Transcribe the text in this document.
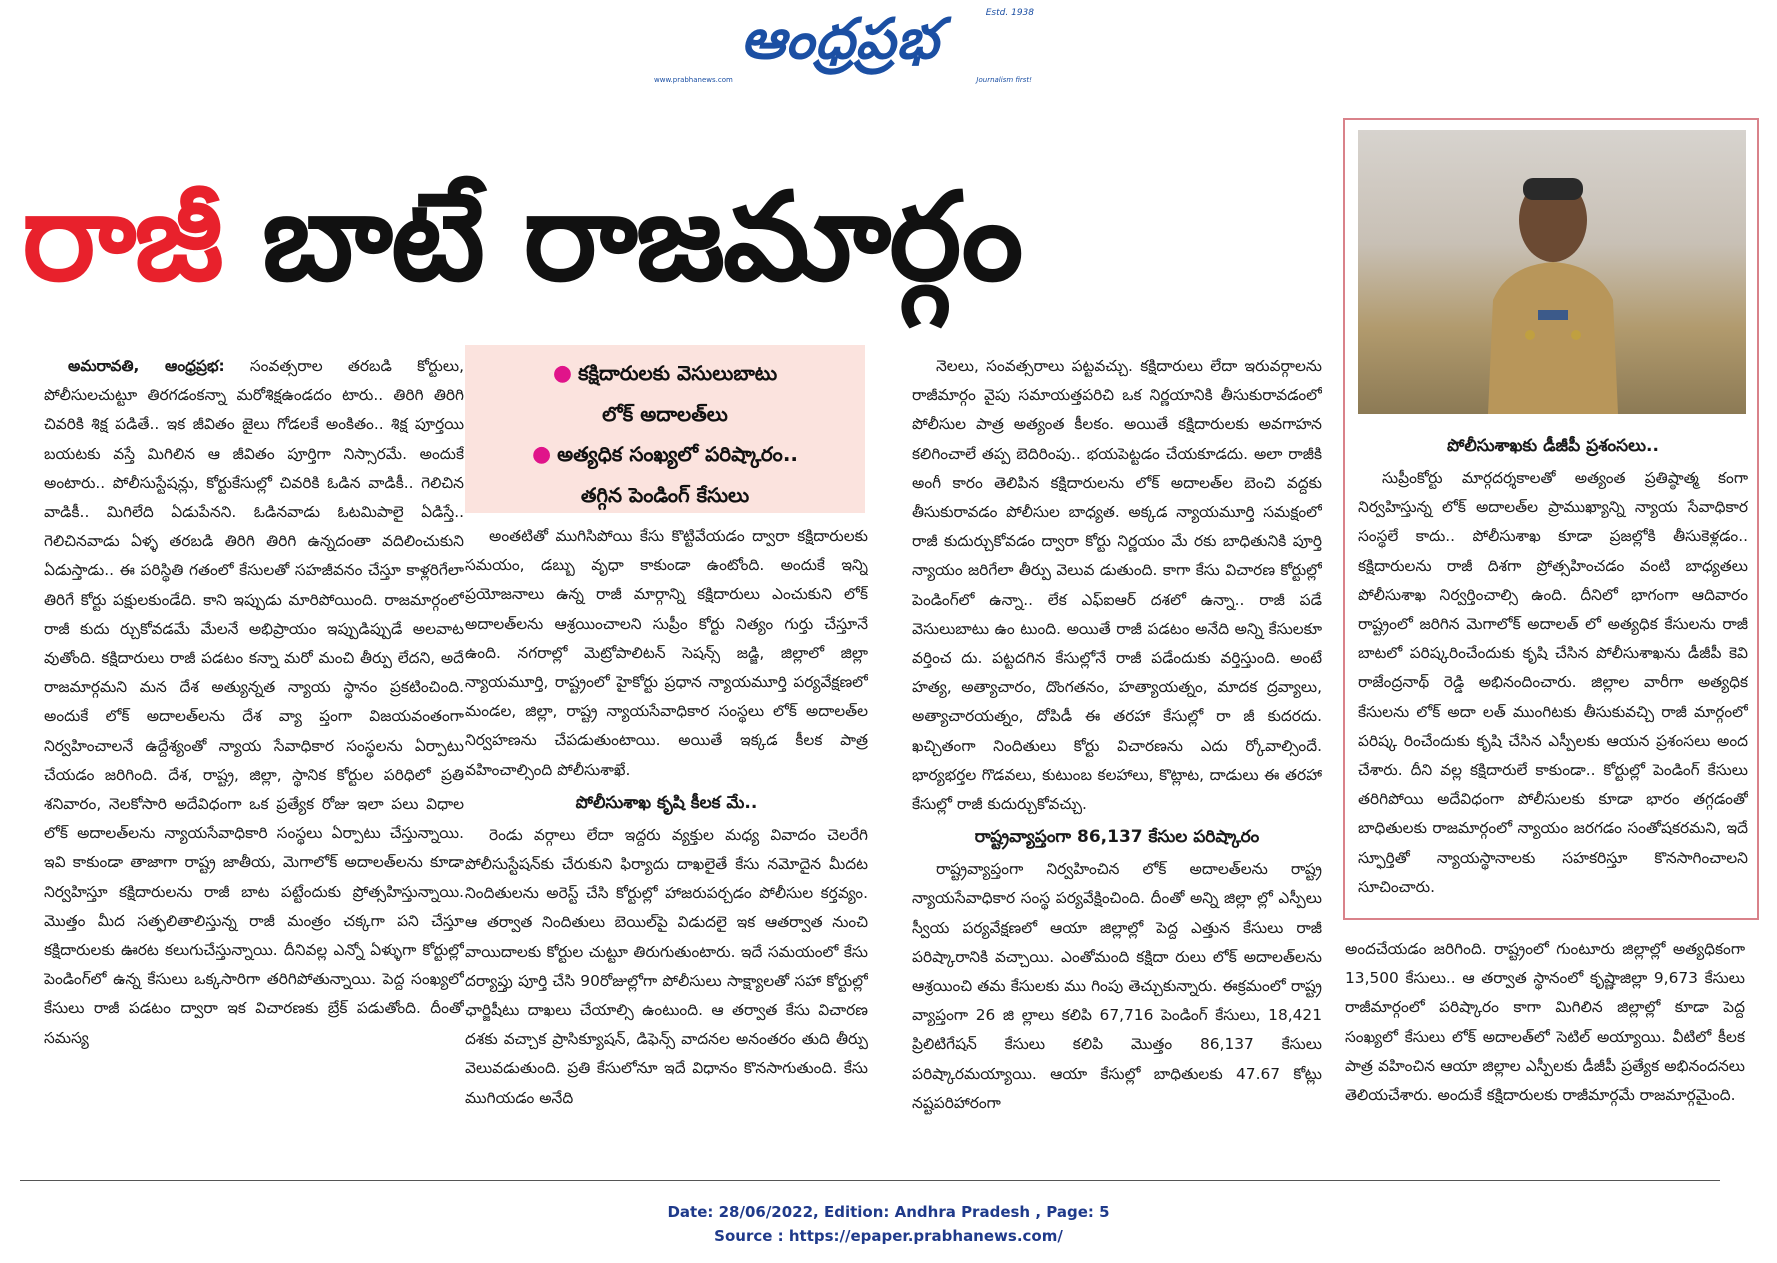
ఆంధ్రప్రభ	Estd. 1938
www.prabhanews.com	Journalism first!
రాజీ బాటే రాజమార్గం

అమరావతి, ఆంధ్రప్రభ: సంవత్సరాల తరబడి కోర్టులు, పోలీసులచుట్టూ తిరగడంకన్నా మరోశిక్షఉండదం టారు.. తిరిగి తిరిగి చివరికి శిక్ష పడితే.. ఇక జీవితం జైలు గోడలకే అంకితం.. శిక్ష పూర్తయి బయటకు వస్తే మిగిలిన ఆ జీవితం పూర్తిగా నిస్సారమే. అందుకే అంటారు.. పోలీసుస్టేషన్లు, కోర్టుకేసుల్లో చివరికి ఓడిన వాడికీ.. గెలిచిన వాడికీ.. మిగిలేది ఏడుపేనని. ఓడినవాడు ఓటమిపాలై ఏడిస్తే.. గెలిచినవాడు ఏళ్ళ తరబడి తిరిగి తిరిగి ఉన్నదంతా వదిలించుకుని ఏడుస్తాడు.. ఈ పరిస్థితి గతంలో కేసులతో సహజీవనం చేస్తూ కాళ్లరిగేలా తిరిగే కోర్టు పక్షులకుండేది. కాని ఇప్పుడు మారిపోయింది. రాజమార్గంలో రాజీ కుదు ర్చుకోవడమే మేలనే అభిప్రాయం ఇప్పుడిప్పుడే అలవాట వుతోంది. కక్షిదారులు రాజీ పడటం కన్నా మరో మంచి తీర్పు లేదని, అదే రాజమార్గమని మన దేశ అత్యున్నత న్యాయ స్థానం ప్రకటించింది. అందుకే లోక్ అదాలత్‌లను దేశ వ్యా ప్తంగా విజయవంతంగా నిర్వహించాలనే ఉద్దేశ్యంతో న్యాయ సేవాధికార సంస్థలను ఏర్పాటు చేయడం జరిగింది. దేశ, రాష్ట్ర, జిల్లా, స్థానిక కోర్టుల పరిధిలో ప్రతి శనివారం, నెలకోసారి అదేవిధంగా ఒక ప్రత్యేక రోజు ఇలా పలు విధాల లోక్ అదాలత్‌లను న్యాయసేవాధికారి సంస్థలు ఏర్పాటు చేస్తున్నాయి. ఇవి కాకుండా తాజాగా రాష్ట్ర జాతీయ, మెగాలోక్ అదాలత్‌లను కూడా నిర్వహిస్తూ కక్షిదారులను రాజీ బాట పట్టేందుకు ప్రోత్సహిస్తున్నాయి. మొత్తం మీద సత్ఫలితాలిస్తున్న రాజీ మంత్రం చక్కగా పని చేస్తూ కక్షిదారులకు ఊరట కలుగుచేస్తున్నాయి. దీనివల్ల ఎన్నో ఏళ్ళుగా కోర్టుల్లో పెండింగ్‌లో ఉన్న కేసులు ఒక్కసారిగా తరిగిపోతున్నాయి. పెద్ద సంఖ్యలో కేసులు రాజీ పడటం ద్వారా ఇక విచారణకు బ్రేక్ పడుతోంది. దీంతో సమస్య

● కక్షిదారులకు వెసులుబాటు
లోక్ అదాలత్‌లు
● అత్యధిక సంఖ్యలో పరిష్కారం..
తగ్గిన పెండింగ్ కేసులు

అంతటితో ముగిసిపోయి కేసు కొట్టివేయడం ద్వారా కక్షిదారులకు సమయం, డబ్బు వృధా కాకుండా ఉంటోంది. అందుకే ఇన్ని ప్రయోజనాలు ఉన్న రాజీ మార్గాన్ని కక్షిదారులు ఎంచుకుని లోక్ అదాలత్‌లను ఆశ్రయించాలని సుప్రీం కోర్టు నిత్యం గుర్తు చేస్తూనే ఉంది. నగరాల్లో మెట్రోపాలిటన్ సెషన్స్ జడ్జి, జిల్లాలో జిల్లా న్యాయమూర్తి, రాష్ట్రంలో హైకోర్టు ప్రధాన న్యాయమూర్తి పర్యవేక్షణలో మండల, జిల్లా, రాష్ట్ర న్యాయసేవాధికార సంస్థలు లోక్ అదాలత్‌ల నిర్వహణను చేపడుతుంటాయి. అయితే ఇక్కడ కీలక పాత్ర వహించాల్సింది పోలీసుశాఖే.

పోలీసుశాఖ కృషి కీలక మే..

రెండు వర్గాలు లేదా ఇద్దరు వ్యక్తుల మధ్య వివాదం చెలరేగి పోలీసుస్టేషన్‌కు చేరుకుని ఫిర్యాదు దాఖలైతే కేసు నమోదైన మీదట నిందితులను అరెస్ట్ చేసి కోర్టుల్లో హాజరుపర్చడం పోలీసుల కర్తవ్యం. ఆ తర్వాత నిందితులు బెయిల్‌పై విడుదలై ఇక ఆతర్వాత నుంచి వాయిదాలకు కోర్టుల చుట్టూ తిరుగుతుంటారు. ఇదే సమయంలో కేసు దర్యాప్తు పూర్తి చేసి 90రోజుల్లోగా పోలీసులు సాక్ష్యాలతో సహా కోర్టుల్లో ఛార్జిషీటు దాఖలు చేయాల్సి ఉంటుంది. ఆ తర్వాత కేసు విచారణ దశకు వచ్చాక ప్రాసిక్యూషన్, డిఫెన్స్ వాదనల అనంతరం తుది తీర్పు వెలువడుతుంది. ప్రతి కేసులోనూ ఇదే విధానం కొనసాగుతుంది. కేసు ముగియడం అనేది

నెలలు, సంవత్సరాలు పట్టవచ్చు. కక్షిదారులు లేదా ఇరువర్గాలను రాజీమార్గం వైపు సమాయత్తపరిచి ఒక నిర్ణయానికి తీసుకురావడంలో పోలీసుల పాత్ర అత్యంత కీలకం. అయితే కక్షిదారులకు అవగాహన కలిగించాలే తప్ప బెదిరింపు.. భయపెట్టడం చేయకూడదు. అలా రాజీకి అంగీ కారం తెలిపిన కక్షిదారులను లోక్ అదాలత్‌ల బెంచి వద్దకు తీసుకురావడం పోలీసుల బాధ్యత. అక్కడ న్యాయమూర్తి సమక్షంలో రాజీ కుదుర్చుకోవడం ద్వారా కోర్టు నిర్ణయం మే రకు బాధితునికి పూర్తి న్యాయం జరిగేలా తీర్పు వెలువ డుతుంది. కాగా కేసు విచారణ కోర్టుల్లో పెండింగ్‌లో ఉన్నా.. లేక ఎఫ్‌ఐఆర్ దశలో ఉన్నా.. రాజీ పడే వెసులుబాటు ఉం టుంది. అయితే రాజీ పడటం అనేది అన్ని కేసులకూ వర్తించ దు. పట్టదగిన కేసుల్లోనే రాజీ పడేందుకు వర్తిస్తుంది. అంటే హత్య, అత్యాచారం, దొంగతనం, హత్యాయత్నం, మాదక ద్రవ్యాలు, అత్యాచారయత్నం, దోపిడీ ఈ తరహా కేసుల్లో రా జీ కుదరదు. ఖచ్చితంగా నిందితులు కోర్టు విచారణను ఎదు ర్కోవాల్సిందే. భార్యభర్తల గొడవలు, కుటుంబ కలహాలు, కొట్లాట, దాడులు ఈ తరహా కేసుల్లో రాజీ కుదుర్చుకోవచ్చు.

రాష్ట్రవ్యాప్తంగా 86,137 కేసుల పరిష్కారం

రాష్ట్రవ్యాప్తంగా నిర్వహించిన లోక్ అదాలత్‌లను రాష్ట్ర న్యాయసేవాధికార సంస్థ పర్యవేక్షించింది. దీంతో అన్ని జిల్లా ల్లో ఎస్పీలు స్వీయ పర్యవేక్షణలో ఆయా జిల్లాల్లో పెద్ద ఎత్తున కేసులు రాజీ పరిష్కారానికి వచ్చాయి. ఎంతోమంది కక్షిదా రులు లోక్ అదాలత్‌లను ఆశ్రయించి తమ కేసులకు ము గింపు తెచ్చుకున్నారు. ఈక్రమంలో రాష్ట్ర వ్యాప్తంగా 26 జి ల్లాలు కలిపి 67,716 పెండింగ్ కేసులు, 18,421 ప్రిలిటిగేషన్ కేసులు కలిపి మొత్తం 86,137 కేసులు పరిష్కారమయ్యాయి. ఆయా కేసుల్లో బాధితులకు 47.67 కోట్లు నష్టపరిహారంగా

పోలీసుశాఖకు డీజీపీ ప్రశంసలు..

సుప్రీంకోర్టు మార్గదర్శకాలతో అత్యంత ప్రతిష్ఠాత్మ కంగా నిర్వహిస్తున్న లోక్ అదాలత్‌ల ప్రాముఖ్యాన్ని న్యాయ సేవాధికార సంస్థలే కాదు.. పోలీసుశాఖ కూడా ప్రజల్లోకి తీసుకెళ్లడం.. కక్షిదారులను రాజీ దిశగా ప్రోత్సహించడం వంటి బాధ్యతలు పోలీసుశాఖ నిర్వర్తించాల్సి ఉంది. దీనిలో భాగంగా ఆదివారం రాష్ట్రంలో జరిగిన మెగాలోక్ అదాలత్ లో అత్యధిక కేసులను రాజీ బాటలో పరిష్కరించేందుకు కృషి చేసిన పోలీసుశాఖను డీజీపీ కెవి రాజేంద్రనాథ్ రెడ్డి అభినందించారు. జిల్లాల వారీగా అత్యధిక కేసులను లోక్ అదా లత్ ముంగిటకు తీసుకువచ్చి రాజీ మార్గంలో పరిష్క రించేందుకు కృషి చేసిన ఎస్పీలకు ఆయన ప్రశంసలు అంద చేశారు. దీని వల్ల కక్షిదారులే కాకుండా.. కోర్టుల్లో పెండింగ్ కేసులు తరిగిపోయి అదేవిధంగా పోలీసులకు కూడా భారం తగ్గడంతో బాధితులకు రాజమార్గంలో న్యాయం జరగడం సంతోషకరమని, ఇదే స్ఫూర్తితో న్యాయస్థానాలకు సహకరిస్తూ కొనసాగించాలని సూచించారు.

అందచేయడం జరిగింది. రాష్ట్రంలో గుంటూరు జిల్లాల్లో అత్యధికంగా 13,500 కేసులు.. ఆ తర్వాత స్థానంలో కృష్ణాజిల్లా 9,673 కేసులు రాజీమార్గంలో పరిష్కారం కాగా మిగిలిన జిల్లాల్లో కూడా పెద్ద సంఖ్యలో కేసులు లోక్ అదాలత్‌లో సెటిల్ అయ్యాయి. వీటిలో కీలక పాత్ర వహించిన ఆయా జిల్లాల ఎస్పీలకు డీజీపీ ప్రత్యేక అభినందనలు తెలియచేశారు. అందుకే కక్షిదారులకు రాజీమార్గమే రాజమార్గమైంది.

Date: 28/06/2022, Edition: Andhra Pradesh , Page: 5
Source : https://epaper.prabhanews.com/
